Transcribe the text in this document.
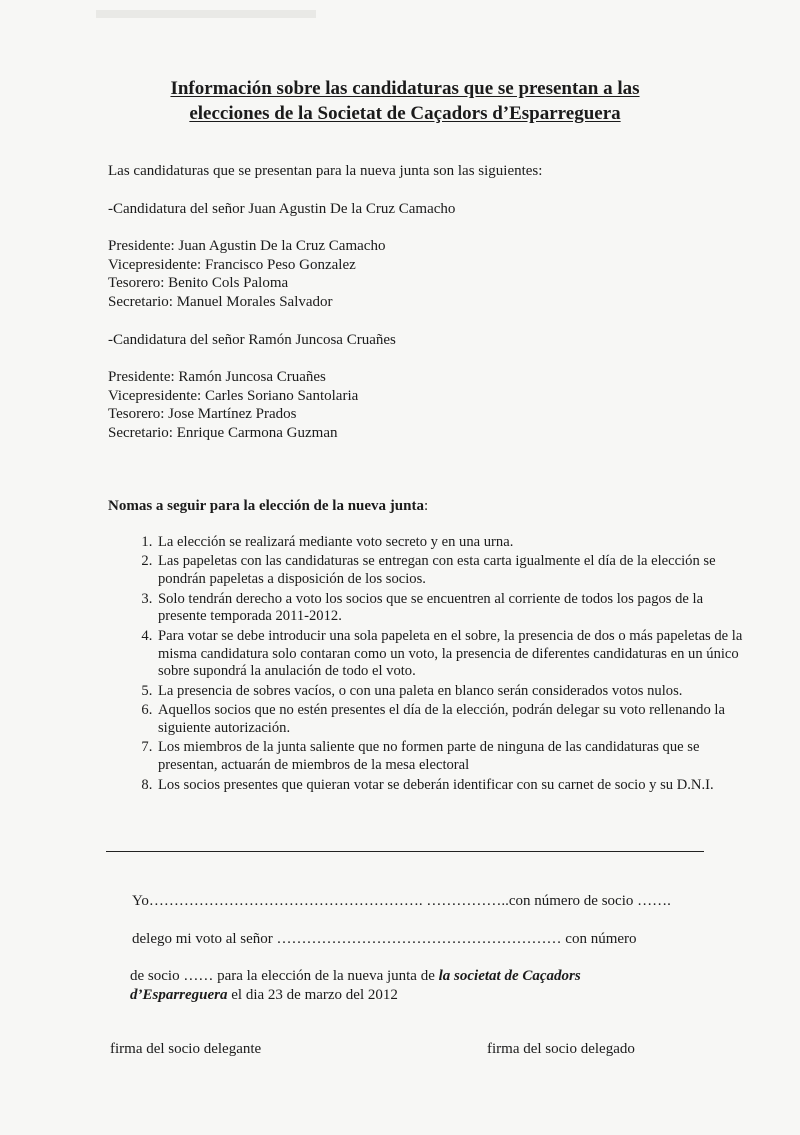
Información sobre las candidaturas que se presentan a las
elecciones de la Societat de Caçadors d’Esparreguera
Las candidaturas que se presentan para la nueva junta son las siguientes:
-Candidatura del señor Juan Agustin De la Cruz Camacho
Presidente: Juan Agustin De la Cruz Camacho
Vicepresidente: Francisco Peso Gonzalez
Tesorero: Benito Cols Paloma
Secretario: Manuel Morales Salvador
-Candidatura del señor Ramón Juncosa Cruañes
Presidente: Ramón Juncosa Cruañes
Vicepresidente: Carles Soriano Santolaria
Tesorero: Jose Martínez Prados
Secretario: Enrique Carmona Guzman
Nomas a seguir para la elección de la nueva junta:
1. La elección se realizará mediante voto secreto y en una urna.
2. Las papeletas con las candidaturas se entregan con esta carta igualmente el día de la elección se pondrán papeletas a disposición de los socios.
3. Solo tendrán derecho a voto los socios que se encuentren al corriente de todos los pagos de la presente temporada 2011-2012.
4. Para votar se debe introducir una sola papeleta en el sobre, la presencia de dos o más papeletas de la misma candidatura solo contaran como un voto, la presencia de diferentes candidaturas en un único sobre supondrá la anulación de todo el voto.
5. La presencia de sobres vacíos, o con una paleta en blanco serán considerados votos nulos.
6. Aquellos socios que no estén presentes el día de la elección, podrán delegar su voto rellenando la siguiente autorización.
7. Los miembros de la junta saliente que no formen parte de ninguna de las candidaturas que se presentan, actuarán de miembros de la mesa electoral
8. Los socios presentes que quieran votar se deberán identificar con su carnet de socio y su D.N.I.
Yo………………………………………………. ……………..con número de socio …….
delego mi voto al señor ………………………………………………… con número
de socio …… para la elección de la nueva junta de la societat de Caçadors
d’Esparreguera el dia 23 de marzo del 2012
firma del socio delegante	firma del socio delegado
